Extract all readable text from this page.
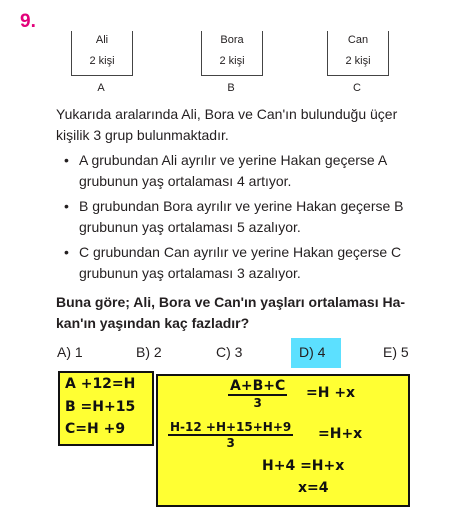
9.
Ali
2 kişi
A
Bora
2 kişi
B
Can
2 kişi
C
Yukarıda aralarında Ali, Bora ve Can'ın bulunduğu üçer
kişilik 3 grup bulunmaktadır.
• A grubundan Ali ayrılır ve yerine Hakan geçerse A
grubunun yaş ortalaması 4 artıyor.
• B grubundan Bora ayrılır ve yerine Hakan geçerse B
grubunun yaş ortalaması 5 azalıyor.
• C grubundan Can ayrılır ve yerine Hakan geçerse C
grubunun yaş ortalaması 3 azalıyor.
Buna göre; Ali, Bora ve Can'ın yaşları ortalaması Ha-
kan'ın yaşından kaç fazladır?
A) 1	B) 2	C) 3	D) 4	E) 5
A +12=H
B =H+15
C=H +9
$\frac{A+B+C}{3} =H +x$
$\frac{H-12 +H+15+H+9}{3} =H+x$
H+4 =H+x
x=4
